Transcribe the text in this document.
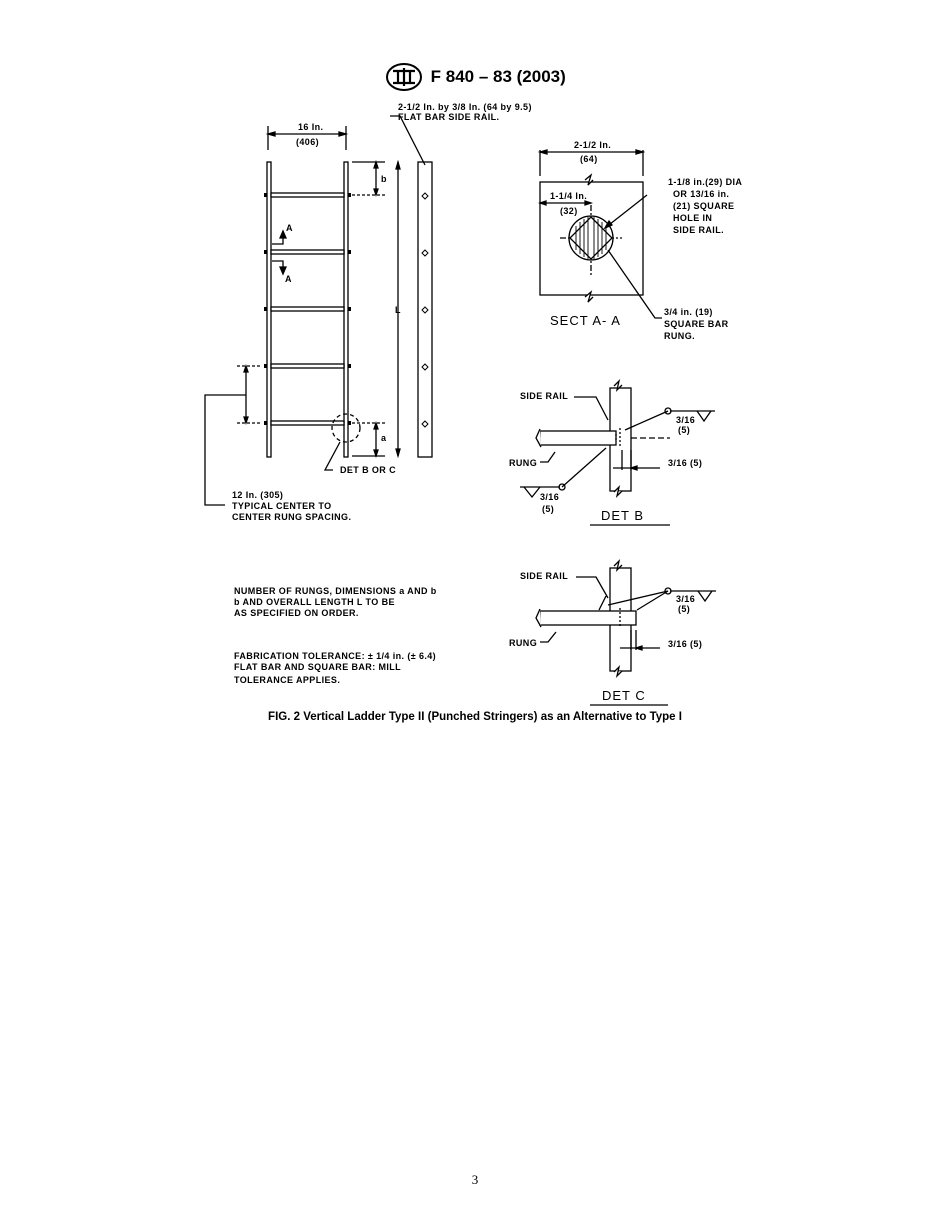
F 840 – 83 (2003)
16 In.
(406)
2-1/2 In. by 3/8 In. (64 by 9.5)
FLAT BAR SIDE RAIL.
b
a
L
A
A
DET B OR C
12 In. (305)
TYPICAL CENTER TO
CENTER RUNG SPACING.
2-1/2 In.
(64)
1-1/4 In.
(32)
1-1/8 in.(29) DIA
OR 13/16 in.
(21) SQUARE
HOLE IN
SIDE RAIL.
3/4 in. (19)
SQUARE BAR
RUNG.
SECT A- A
SIDE RAIL
RUNG
3/16
(5)
3/16 (5)
3/16
(5)	DET B
SIDE RAIL
RUNG
3/16
(5)
3/16 (5)
DET C
NUMBER OF RUNGS, DIMENSIONS a AND b
b AND OVERALL LENGTH L TO BE
AS SPECIFIED ON ORDER.
FABRICATION TOLERANCE: ± 1/4 in. (± 6.4)
FLAT BAR AND SQUARE BAR: MILL
TOLERANCE APPLIES.
FIG. 2 Vertical Ladder Type II (Punched Stringers) as an Alternative to Type I
3
